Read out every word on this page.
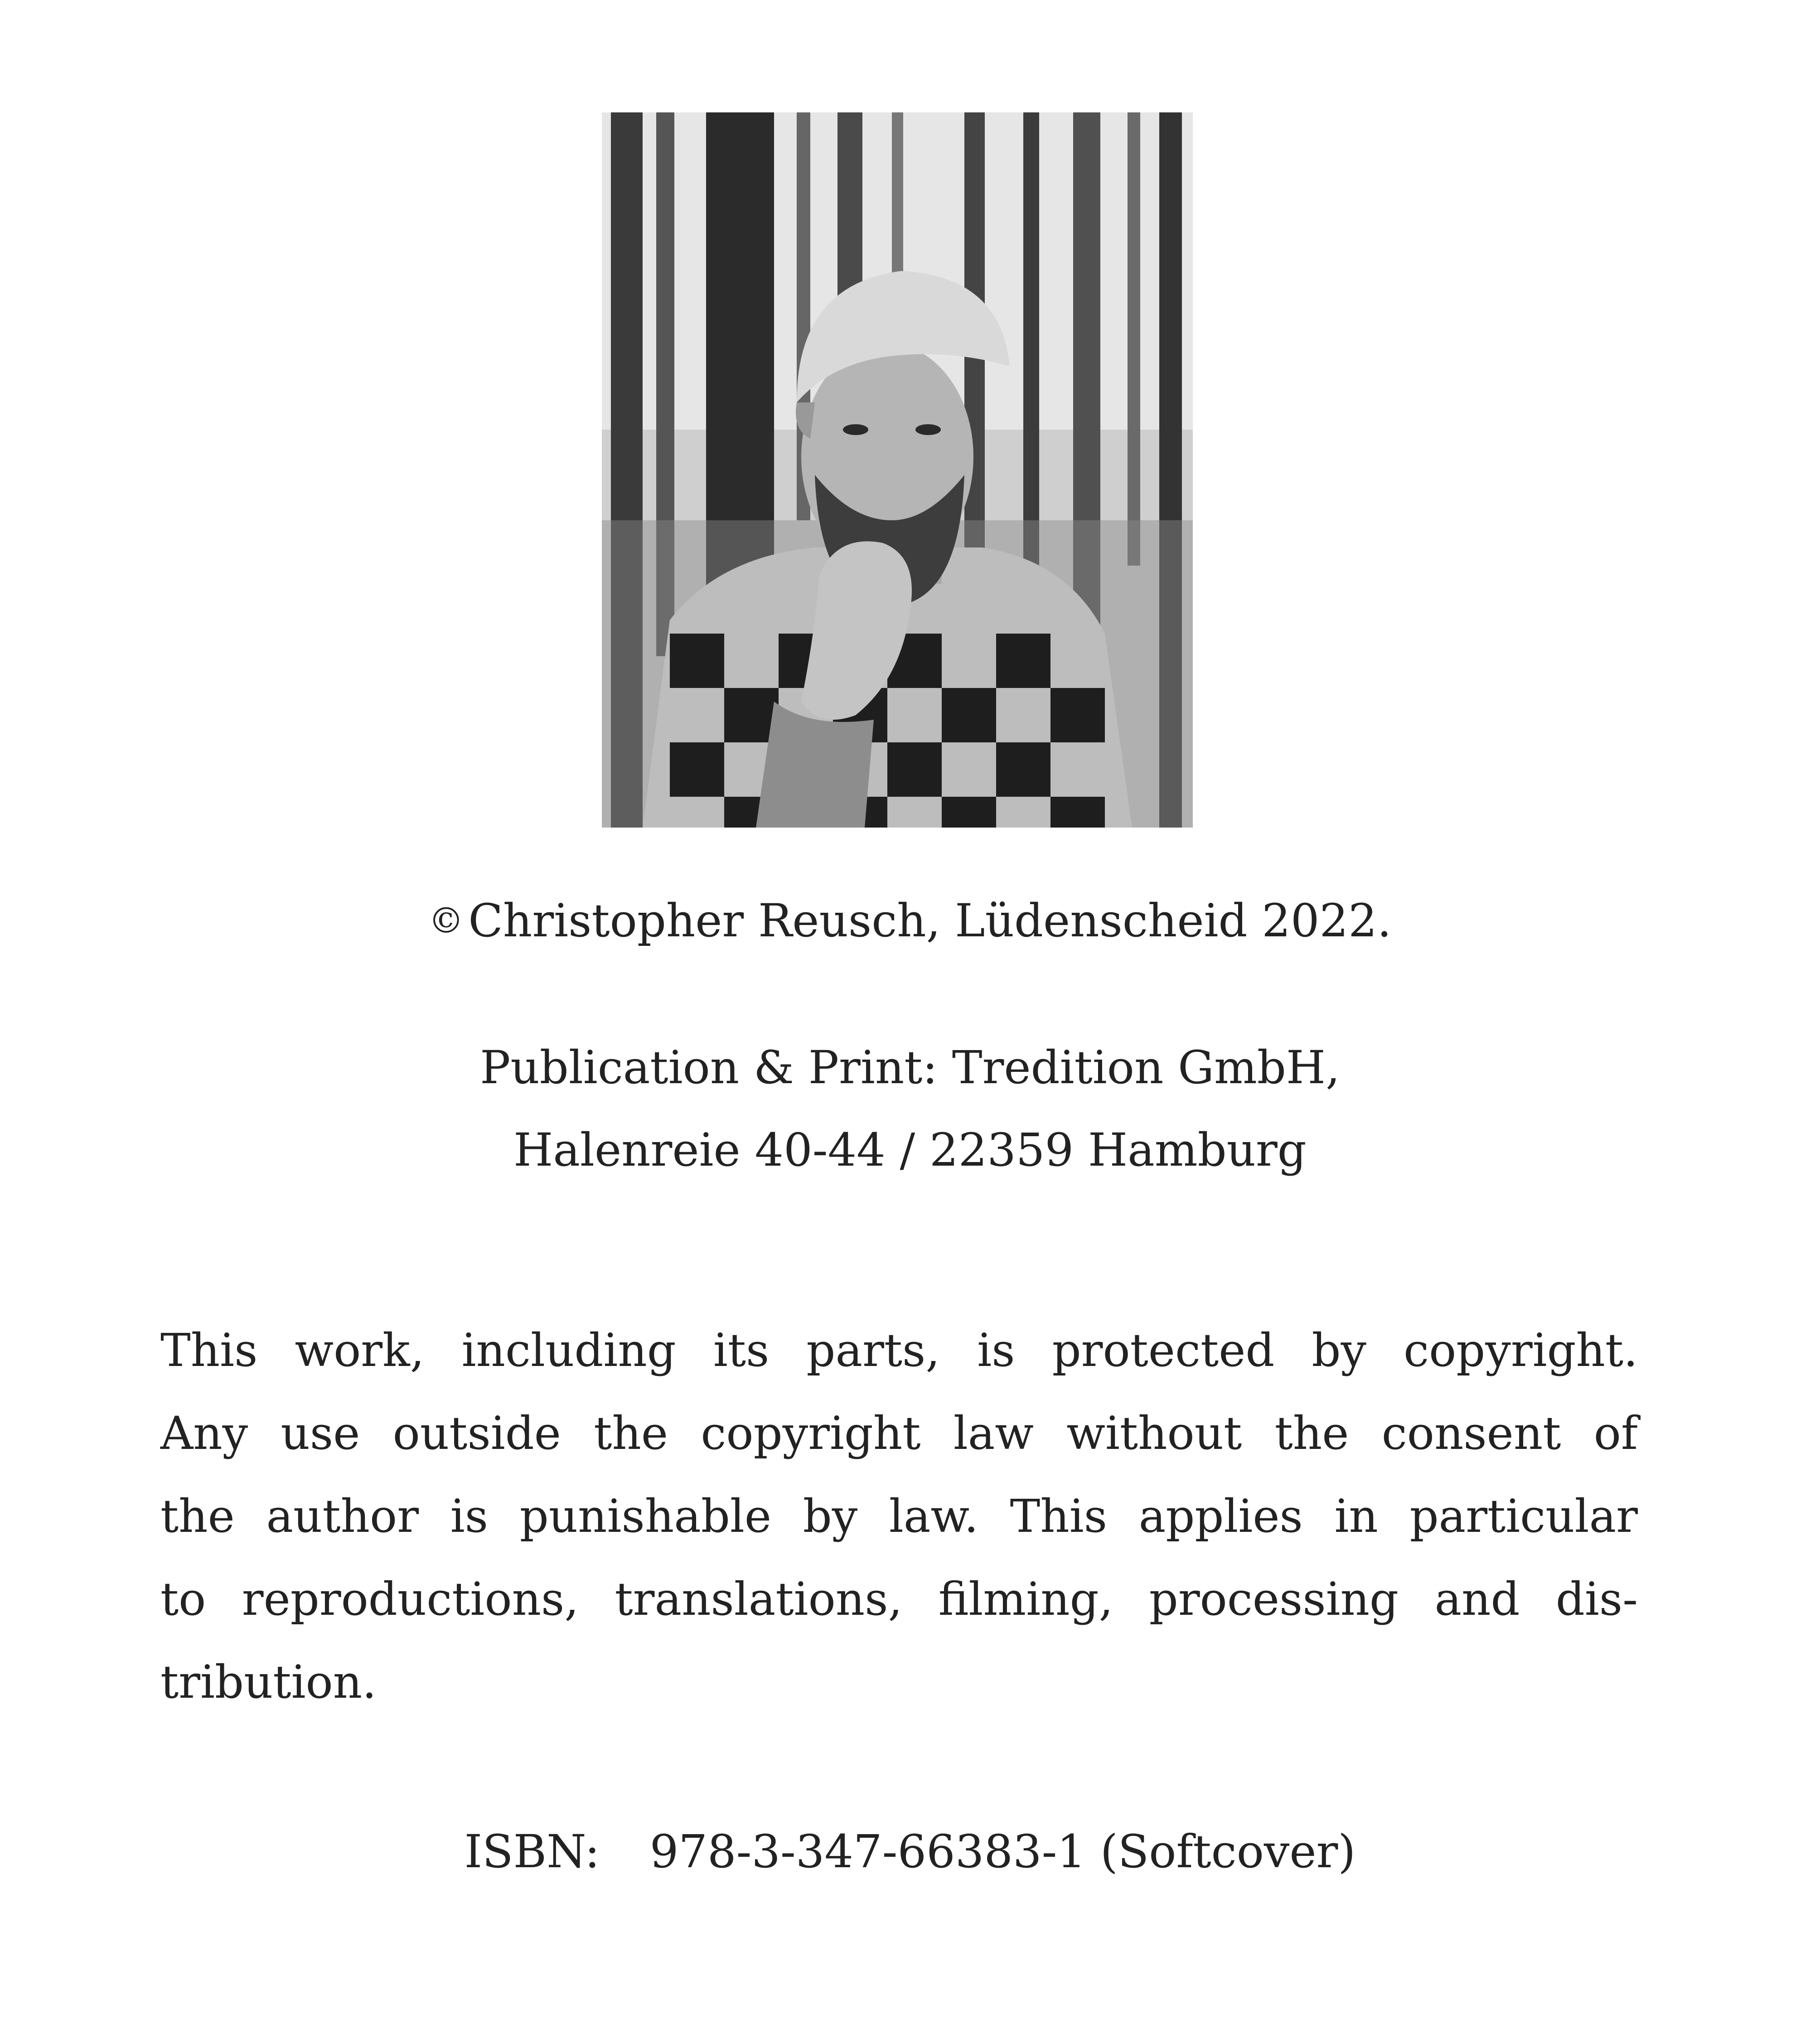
© Christopher Reusch, Lüdenscheid 2022.
Publication & Print: Tredition GmbH,
Halenreie 40-44 / 22359 Hamburg
This work, including its parts, is protected by copyright.
Any use outside the copyright law without the consent of
the author is punishable by law. This applies in particular
to reproductions, translations, filming, processing and dis-
tribution.
ISBN: 978-3-347-66383-1 (Softcover)
